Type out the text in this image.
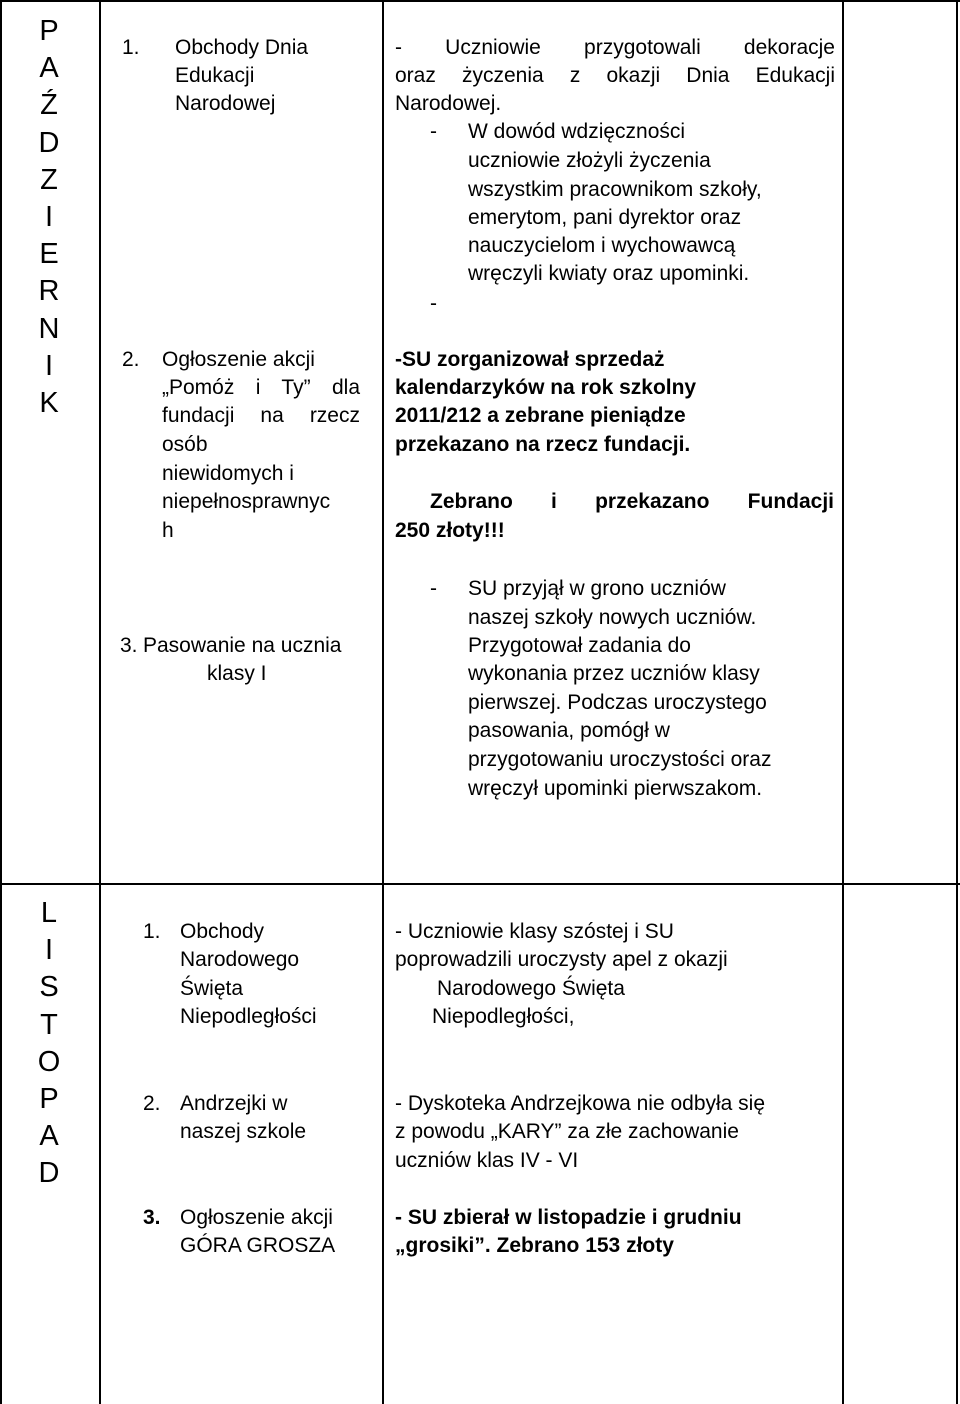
P
A
Ź
D
Z
I
E
R
N
I
K

1. Obchody Dnia

Edukacji

Narodowej

2. Ogłoszenie akcji

„Pomóż i Ty” dla

fundacji na rzecz

osób

niewidomych i

niepełnosprawnyc

h

3. Pasowanie na ucznia

klasy I

- Uczniowie przygotowali dekoracje

oraz życzenia z okazji Dnia Edukacji

Narodowej.

- W dowód wdzięczności

uczniowie złożyli życzenia

wszystkim pracownikom szkoły,

emerytom, pani dyrektor oraz

nauczycielom i wychowawcą

wręczyli kwiaty oraz upominki.

-

-SU zorganizował sprzedaż

kalendarzyków na rok szkolny

2011/212 a zebrane pieniądze

przekazano na rzecz fundacji.

Zebrano i przekazano Fundacji

250 złoty!!!

- SU przyjął w grono uczniów

naszej szkoły nowych uczniów.

Przygotował zadania do

wykonania przez uczniów klasy

pierwszej. Podczas uroczystego

pasowania, pomógł w

przygotowaniu uroczystości oraz

wręczył upominki pierwszakom.

L
I
S
T
O
P
A
D

1. Obchody

Narodowego

Święta

Niepodległości

2. Andrzejki w

naszej szkole

3. Ogłoszenie akcji

GÓRA GROSZA

- Uczniowie klasy szóstej i SU

poprowadzili uroczysty apel z okazji

Narodowego Święta

Niepodległości,

- Dyskoteka Andrzejkowa nie odbyła się

z powodu „KARY” za złe zachowanie

uczniów klas IV - VI

- SU zbierał w listopadzie i grudniu

„grosiki”. Zebrano 153 złoty
